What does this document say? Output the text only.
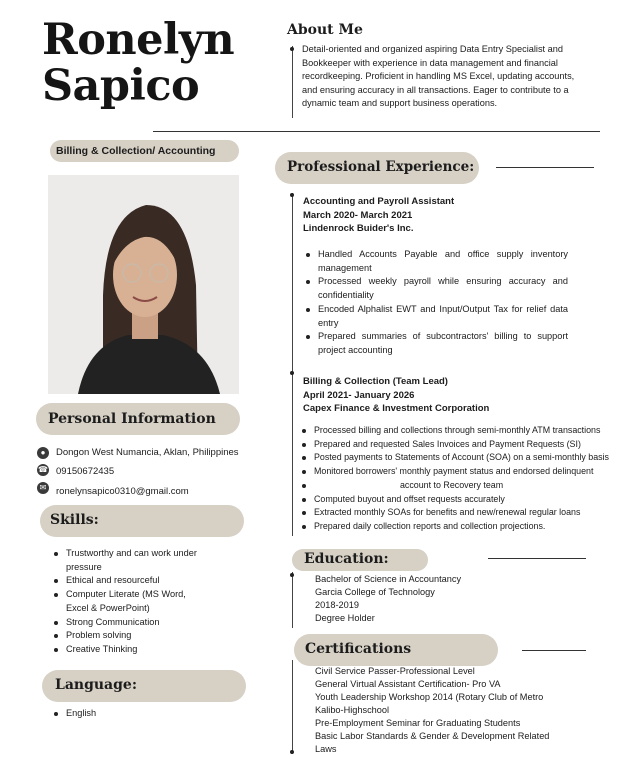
Ronelyn
Sapico
About Me
Detail-oriented and organized aspiring Data Entry Specialist and Bookkeeper with experience in data management and financial recordkeeping. Proficient in handling MS Excel, updating accounts, and ensuring accuracy in all transactions. Eager to contribute to a dynamic team and support business operations.
Billing & Collection/ Accounting
Personal Information
●	Dongon West Numancia, Aklan, Philippines
☎ 09150672435
✉ ronelynsapico0310@gmail.com
Skills:
Trustworthy and can work under pressure
Ethical and resourceful
Computer Literate (MS Word, Excel & PowerPoint)
Strong Communication
Problem solving
Creative Thinking
Language:
English
Professional Experience:
Accounting and Payroll Assistant
March 2020- March 2021
Lindenrock Buider's Inc.
Handled Accounts Payable and office supply inventory management
Processed weekly payroll while ensuring accuracy and confidentiality
Encoded Alphalist EWT and Input/Output Tax for relief data entry
Prepared summaries of subcontractors' billing to support project accounting
Billing & Collection (Team Lead)
April 2021- January 2026
Capex Finance & Investment Corporation
Processed billing and collections through semi-monthly ATM transactions
Prepared and requested Sales Invoices and Payment Requests (SI)
Posted payments to Statements of Account (SOA) on a semi-monthly basis
Monitored borrowers' monthly payment status and endorsed delinquent
account to Recovery team
Computed buyout and offset requests accurately
Extracted monthly SOAs for benefits and new/renewal regular loans
Prepared daily collection reports and collection projections.
Education:
Bachelor of Science in Accountancy
Garcia College of Technology
2018-2019
Degree Holder
Certifications
Civil Service Passer-Professional Level
General Virtual Assistant Certification- Pro VA
Youth Leadership Workshop 2014 (Rotary Club of Metro
Kalibo-Highschool
Pre-Employment Seminar for Graduating Students
Basic Labor Standards & Gender & Development Related
Laws
